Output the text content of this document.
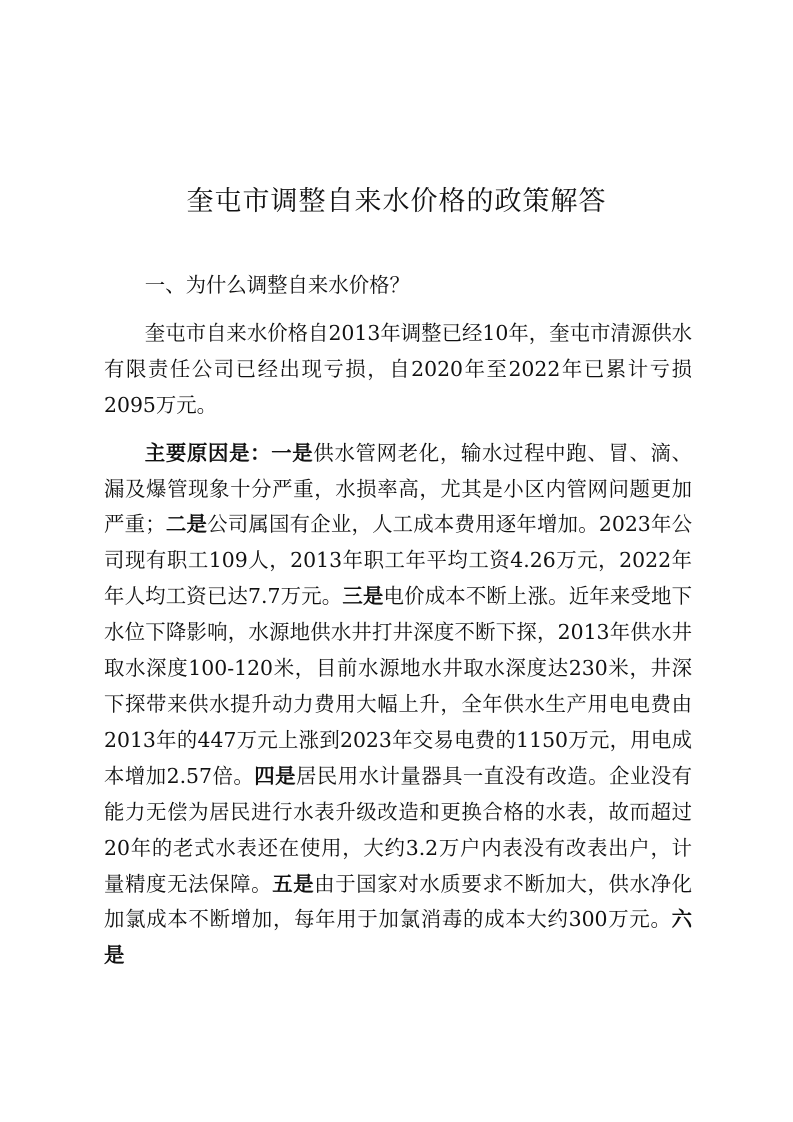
奎屯市调整自来水价格的政策解答

一、为什么调整自来水价格？

奎屯市自来水价格自2013年调整已经10年，奎屯市清源供水有限责任公司已经出现亏损，自2020年至2022年已累计亏损2095万元。

主要原因是：一是供水管网老化，输水过程中跑、冒、滴、漏及爆管现象十分严重，水损率高，尤其是小区内管网问题更加严重；二是公司属国有企业，人工成本费用逐年增加。2023年公司现有职工109人，2013年职工年平均工资4.26万元，2022年年人均工资已达7.7万元。三是电价成本不断上涨。近年来受地下水位下降影响，水源地供水井打井深度不断下探，2013年供水井取水深度100-120米，目前水源地水井取水深度达230米，井深下探带来供水提升动力费用大幅上升，全年供水生产用电电费由2013年的447万元上涨到2023年交易电费的1150万元，用电成本增加2.57倍。四是居民用水计量器具一直没有改造。企业没有能力无偿为居民进行水表升级改造和更换合格的水表，故而超过20年的老式水表还在使用，大约3.2万户内表没有改表出户，计量精度无法保障。五是由于国家对水质要求不断加大，供水净化加氯成本不断增加，每年用于加氯消毒的成本大约300万元。六是
